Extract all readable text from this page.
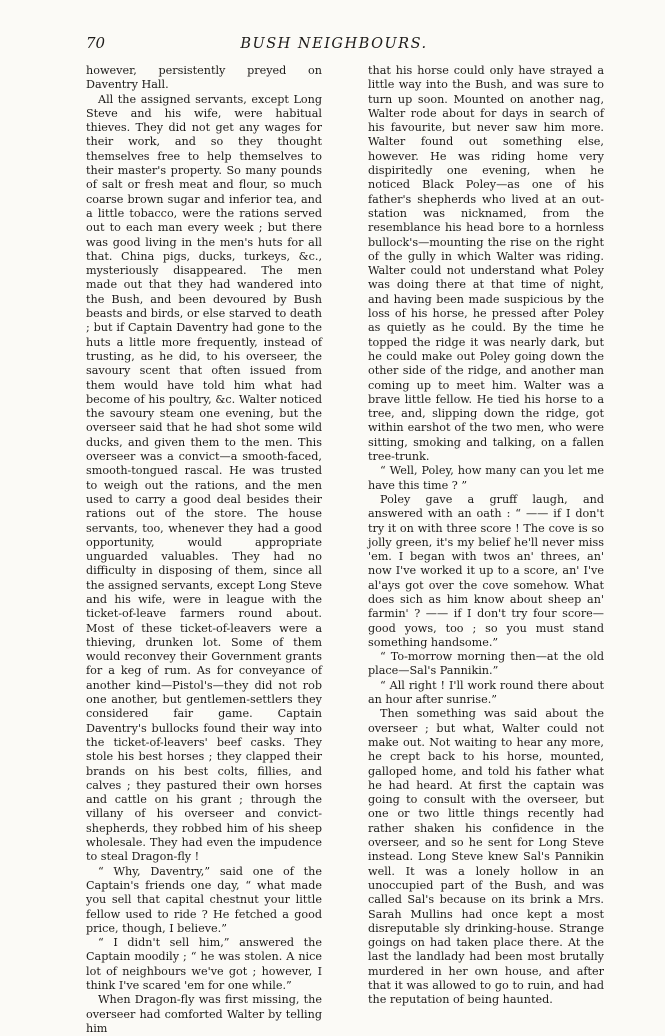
70	BUSH NEIGHBOURS.

however, persistently preyed on Daventry Hall.

All the assigned servants, except Long Steve and his wife, were habitual thieves. They did not get any wages for their work, and so they thought themselves free to help themselves to their master's property. So many pounds of salt or fresh meat and flour, so much coarse brown sugar and inferior tea, and a little tobacco, were the rations served out to each man every week ; but there was good living in the men's huts for all that. China pigs, ducks, turkeys, &c., mysteriously disappeared. The men made out that they had wandered into the Bush, and been devoured by Bush beasts and birds, or else starved to death ; but if Captain Daventry had gone to the huts a little more frequently, instead of trusting, as he did, to his overseer, the savoury scent that often issued from them would have told him what had become of his poultry, &c. Walter noticed the savoury steam one evening, but the overseer said that he had shot some wild ducks, and given them to the men. This overseer was a convict—a smooth-faced, smooth-tongued rascal. He was trusted to weigh out the rations, and the men used to carry a good deal besides their rations out of the store. The house servants, too, whenever they had a good opportunity, would appropriate unguarded valuables. They had no difficulty in disposing of them, since all the assigned servants, except Long Steve and his wife, were in league with the ticket-of-leave farmers round about. Most of these ticket-of-leavers were a thieving, drunken lot. Some of them would reconvey their Government grants for a keg of rum. As for conveyance of another kind—Pistol's—they did not rob one another, but gentlemen-settlers they considered fair game. Captain Daventry's bullocks found their way into the ticket-of-leavers' beef casks. They stole his best horses ; they clapped their brands on his best colts, fillies, and calves ; they pastured their own horses and cattle on his grant ; through the villany of his overseer and convict-shepherds, they robbed him of his sheep wholesale. They had even the impudence to steal Dragon-fly !

“ Why, Daventry,” said one of the Captain's friends one day, “ what made you sell that capital chestnut your little fellow used to ride ? He fetched a good price, though, I believe.”

“ I didn't sell him,” answered the Captain moodily ; “ he was stolen. A nice lot of neighbours we've got ; however, I think I've scared 'em for one while.”

When Dragon-fly was first missing, the overseer had comforted Walter by telling him

that his horse could only have strayed a little way into the Bush, and was sure to turn up soon. Mounted on another nag, Walter rode about for days in search of his favourite, but never saw him more. Walter found out something else, however. He was riding home very dispiritedly one evening, when he noticed Black Poley—as one of his father's shepherds who lived at an out-station was nicknamed, from the resemblance his head bore to a hornless bullock's—mounting the rise on the right of the gully in which Walter was riding. Walter could not understand what Poley was doing there at that time of night, and having been made suspicious by the loss of his horse, he pressed after Poley as quietly as he could. By the time he topped the ridge it was nearly dark, but he could make out Poley going down the other side of the ridge, and another man coming up to meet him. Walter was a brave little fellow. He tied his horse to a tree, and, slipping down the ridge, got within earshot of the two men, who were sitting, smoking and talking, on a fallen tree-trunk.

“ Well, Poley, how many can you let me have this time ? ”

Poley gave a gruff laugh, and answered with an oath : “ —— if I don't try it on with three score ! The cove is so jolly green, it's my belief he'll never miss 'em. I began with twos an' threes, an' now I've worked it up to a score, an' I've al'ays got over the cove somehow. What does sich as him know about sheep an' farmin' ? —— if I don't try four score—good yows, too ; so you must stand something handsome.”

“ To-morrow morning then—at the old place—Sal's Pannikin.”

“ All right ! I'll work round there about an hour after sunrise.”

Then something was said about the overseer ; but what, Walter could not make out. Not waiting to hear any more, he crept back to his horse, mounted, galloped home, and told his father what he had heard. At first the captain was going to consult with the overseer, but one or two little things recently had rather shaken his confidence in the overseer, and so he sent for Long Steve instead. Long Steve knew Sal's Pannikin well. It was a lonely hollow in an unoccupied part of the Bush, and was called Sal's because on its brink a Mrs. Sarah Mullins had once kept a most disreputable sly drinking-house. Strange goings on had taken place there. At the last the landlady had been most brutally murdered in her own house, and after that it was allowed to go to ruin, and had the reputation of being haunted.
